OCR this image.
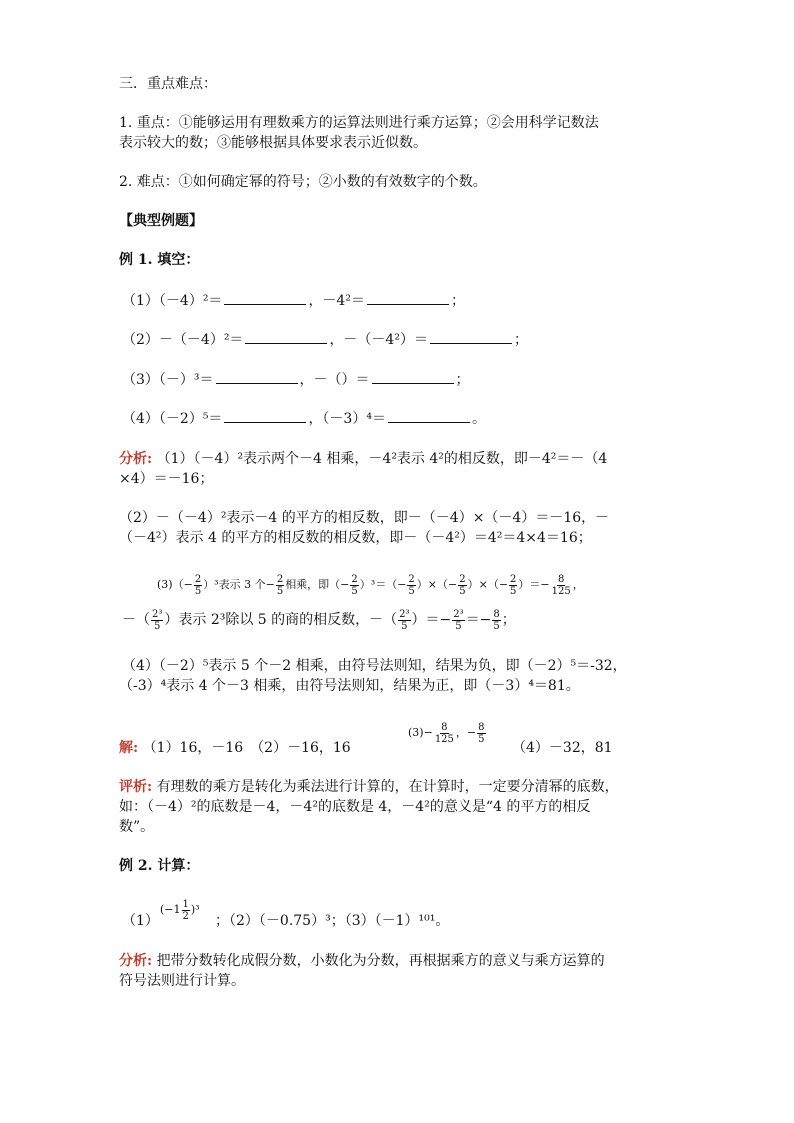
三．重点难点：
1. 重点：①能够运用有理数乘方的运算法则进行乘方运算；②会用科学记数法
表示较大的数；③能够根据具体要求表示近似数。
2. 难点：①如何确定幂的符号；②小数的有效数字的个数。
【典型例题】
例 1. 填空：
（1）（－4）²＝	，－4²＝	；
（2）－（－4）²＝	，－（－4²）＝	；
（3）（－）³＝	，－（）＝	；
（4）（－2）⁵＝	，（－3）⁴＝	。
分析: （1）（－4）²表示两个－4 相乘，－4²表示 4²的相反数，即－4²＝－（4
×4）＝－16；
（2）－（－4）²表示－4 的平方的相反数，即－（－4）×（－4）＝－16，－
（－4²）表示 4 的平方的相反数的相反数，即－（－4²）＝4²＝4×4＝16；
$(3)(- \frac{2}{5} )^3$表示 3 个− $\frac{2}{5}$ 相乘，即（− $\frac{2}{5} )^3=(- \frac{2}{5}$ ）×（− $\frac{2}{5}$ ）×（− $\frac{2}{5}$ ）＝− $\frac{8}{125}$ ，
－（ $\frac{\text{2³}}{5}$ ）表示 2³除以 5 的商的相反数，－（ $\frac{\text{2³}}{5}$ ）＝− $\frac{\text{2³}}{5} =- \frac{8}{5}$ ；
（4）（－2）⁵表示 5 个－2 相乘，由符号法则知，结果为负，即（－2）⁵＝-32，
（-3）⁴表示 4 个－3 相乘，由符号法则知，结果为正，即（－3）⁴＝81。
解: （1）16，－16　（2）－16，16
$(3)- \frac{8}{125}$ ，− $\frac{8}{5}$
（4）－32，81
评析: 有理数的乘方是转化为乘法进行计算的，在计算时，一定要分清幂的底数，
如：（－4）²的底数是－4，－4²的底数是 4，－4²的意义是“4 的平方的相反
数”。
例 2. 计算：
（1）
$(-1 \frac{1}{2} )^3$
；（2）（－0.75）³；（3）（－1）¹⁰¹。
分析: 把带分数转化成假分数，小数化为分数，再根据乘方的意义与乘方运算的
符号法则进行计算。
